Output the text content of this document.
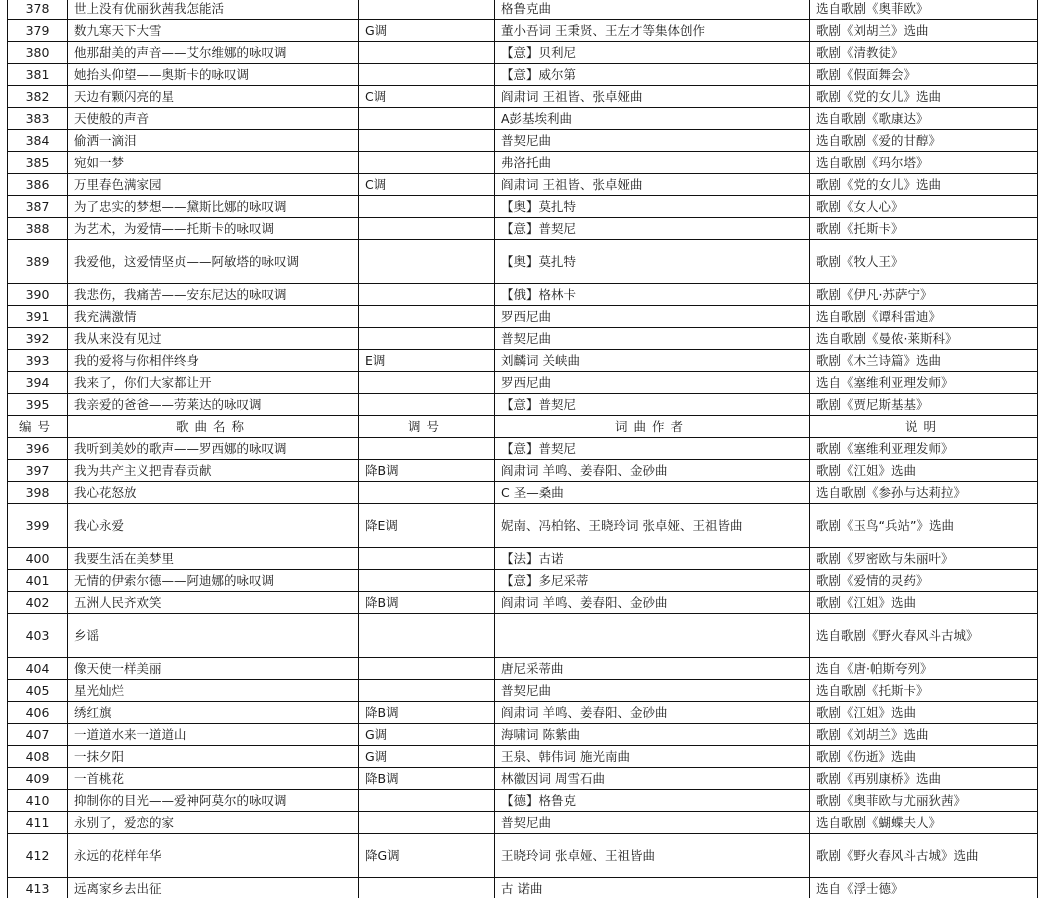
378	世上没有优丽狄茜我怎能活		格鲁克曲	选自歌剧《奥菲欧》
379	数九寒天下大雪	G调	董小吾词 王秉贤、王左才等集体创作	歌剧《刘胡兰》选曲
380	他那甜美的声音——艾尔维娜的咏叹调		【意】贝利尼	歌剧《清教徒》
381	她抬头仰望——奥斯卡的咏叹调		【意】威尔第	歌剧《假面舞会》
382	天边有颗闪亮的星	C调	阎肃词 王祖皆、张卓娅曲	歌剧《党的女儿》选曲
383	天使般的声音		A彭基埃利曲	选自歌剧《歌康达》
384	偷洒一滴泪		普契尼曲	选自歌剧《爱的甘醇》
385	宛如一梦		弗洛托曲	选自歌剧《玛尔塔》
386	万里春色满家园	C调	阎肃词 王祖皆、张卓娅曲	歌剧《党的女儿》选曲
387	为了忠实的梦想——黛斯比娜的咏叹调		【奥】莫扎特	歌剧《女人心》
388	为艺术，为爱情——托斯卡的咏叹调		【意】普契尼	歌剧《托斯卡》
389	我爱他，这爱情坚贞——阿敏塔的咏叹调		【奥】莫扎特	歌剧《牧人王》
390	我悲伤，我痛苦——安东尼达的咏叹调		【俄】格林卡	歌剧《伊凡·苏萨宁》
391	我充满激情		罗西尼曲	选自歌剧《谭科雷迪》
392	我从来没有见过		普契尼曲	选自歌剧《曼侬·莱斯科》
393	我的爱将与你相伴终身	E调	刘麟词 关峡曲	歌剧《木兰诗篇》选曲
394	我来了，你们大家都让开		罗西尼曲	选自《塞维利亚理发师》
395	我亲爱的爸爸——劳莱达的咏叹调		【意】普契尼	歌剧《贾尼斯基基》
编号	歌曲名称	调号	词曲作者	说明
396	我听到美妙的歌声——罗西娜的咏叹调		【意】普契尼	歌剧《塞维利亚理发师》
397	我为共产主义把青春贡献	降B调	阎肃词 羊鸣、姜春阳、金砂曲	歌剧《江姐》选曲
398	我心花怒放		C 圣—桑曲	选自歌剧《参孙与达莉拉》
399	我心永爱	降E调	妮南、冯柏铭、王晓玲词 张卓娅、王祖皆曲	歌剧《玉鸟“兵站”》选曲
400	我要生活在美梦里		【法】古诺	歌剧《罗密欧与朱丽叶》
401	无情的伊索尔德——阿迪娜的咏叹调		【意】多尼采蒂	歌剧《爱情的灵药》
402	五洲人民齐欢笑	降B调	阎肃词 羊鸣、姜春阳、金砂曲	歌剧《江姐》选曲
403	乡谣			选自歌剧《野火春风斗古城》
404	像天使一样美丽		唐尼采蒂曲	选自《唐·帕斯夸列》
405	星光灿烂		普契尼曲	选自歌剧《托斯卡》
406	绣红旗	降B调	阎肃词 羊鸣、姜春阳、金砂曲	歌剧《江姐》选曲
407	一道道水来一道道山	G调	海啸词 陈紫曲	歌剧《刘胡兰》选曲
408	一抹夕阳	G调	王泉、韩伟词 施光南曲	歌剧《伤逝》选曲
409	一首桃花	降B调	林徽因词 周雪石曲	歌剧《再别康桥》选曲
410	抑制你的目光——爱神阿莫尔的咏叹调		【德】格鲁克	歌剧《奥菲欧与尤丽狄茜》
411	永别了，爱恋的家		普契尼曲	选自歌剧《蝴蝶夫人》
412	永远的花样年华	降G调	王晓玲词 张卓娅、王祖皆曲	歌剧《野火春风斗古城》选曲
413	远离家乡去出征		古 诺曲	选自《浮士德》
